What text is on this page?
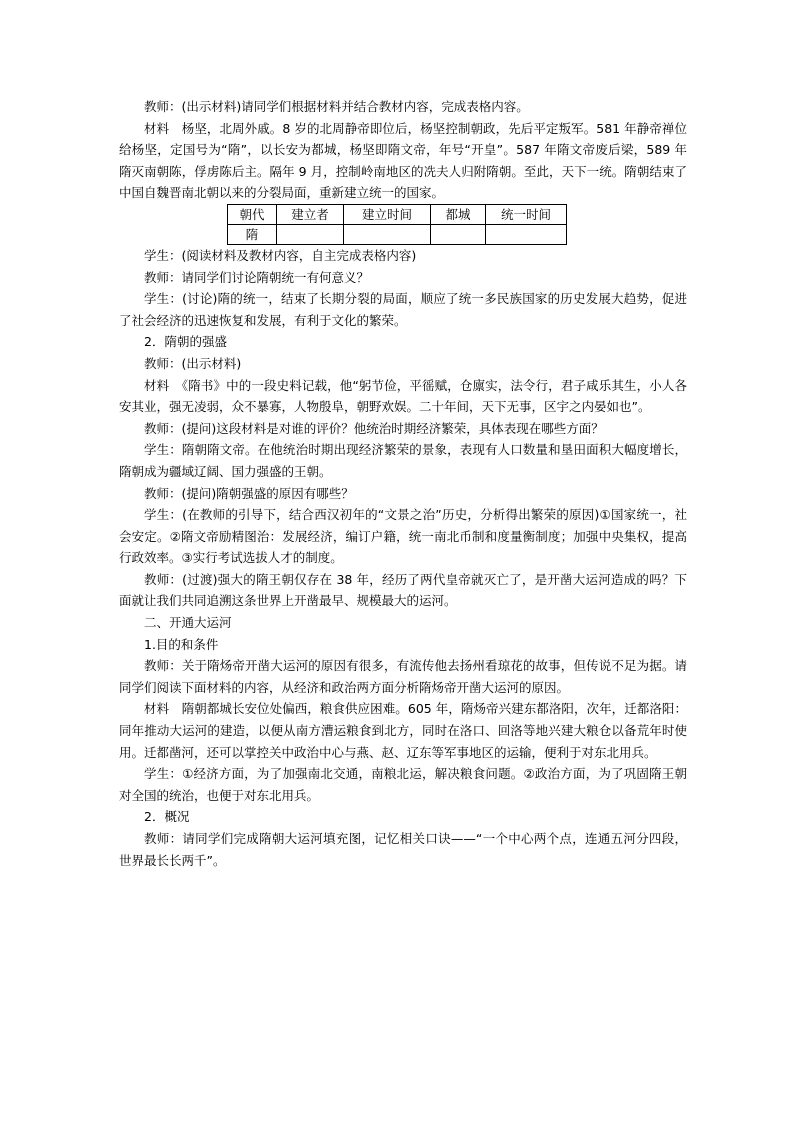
教师：(出示材料)请同学们根据材料并结合教材内容，完成表格内容。

材料　杨坚，北周外戚。8 岁的北周静帝即位后，杨坚控制朝政，先后平定叛军。581 年静帝禅位给杨坚，定国号为“隋”，以长安为都城，杨坚即隋文帝，年号“开皇”。587 年隋文帝废后梁，589 年隋灭南朝陈，俘虏陈后主。隔年 9 月，控制岭南地区的冼夫人归附隋朝。至此，天下一统。隋朝结束了中国自魏晋南北朝以来的分裂局面，重新建立统一的国家。

朝代	建立者	建立时间	都城	统一时间
隋				

学生：(阅读材料及教材内容，自主完成表格内容)

教师：请同学们讨论隋朝统一有何意义？

学生：(讨论)隋的统一，结束了长期分裂的局面，顺应了统一多民族国家的历史发展大趋势，促进了社会经济的迅速恢复和发展，有利于文化的繁荣。

2．隋朝的强盛

教师：(出示材料)

材料　《隋书》中的一段史料记载，他“躬节俭，平徭赋，仓廪实，法令行，君子咸乐其生，小人各安其业，强无凌弱，众不暴寡，人物殷阜，朝野欢娱。二十年间，天下无事，区宇之内晏如也”。

教师：(提问)这段材料是对谁的评价？他统治时期经济繁荣，具体表现在哪些方面？

学生：隋朝隋文帝。在他统治时期出现经济繁荣的景象，表现有人口数量和垦田面积大幅度增长，隋朝成为疆域辽阔、国力强盛的王朝。

教师：(提问)隋朝强盛的原因有哪些？

学生：(在教师的引导下，结合西汉初年的“文景之治”历史，分析得出繁荣的原因)①国家统一，社会安定。②隋文帝励精图治：发展经济，编订户籍，统一南北币制和度量衡制度；加强中央集权，提高行政效率。③实行考试选拔人才的制度。

教师：(过渡)强大的隋王朝仅存在 38 年，经历了两代皇帝就灭亡了，是开凿大运河造成的吗？下面就让我们共同追溯这条世界上开凿最早、规模最大的运河。

二、开通大运河

1.目的和条件

教师：关于隋炀帝开凿大运河的原因有很多，有流传他去扬州看琼花的故事，但传说不足为据。请同学们阅读下面材料的内容，从经济和政治两方面分析隋炀帝开凿大运河的原因。

材料　隋朝都城长安位处偏西，粮食供应困难。605 年，隋炀帝兴建东都洛阳，次年，迁都洛阳：同年推动大运河的建造，以便从南方漕运粮食到北方，同时在洛口、回洛等地兴建大粮仓以备荒年时使用。迁都凿河，还可以掌控关中政治中心与燕、赵、辽东等军事地区的运输，便利于对东北用兵。

学生：①经济方面，为了加强南北交通，南粮北运，解决粮食问题。②政治方面，为了巩固隋王朝对全国的统治，也便于对东北用兵。

2．概况

教师：请同学们完成隋朝大运河填充图，记忆相关口诀——“一个中心两个点，连通五河分四段，世界最长长两千”。
